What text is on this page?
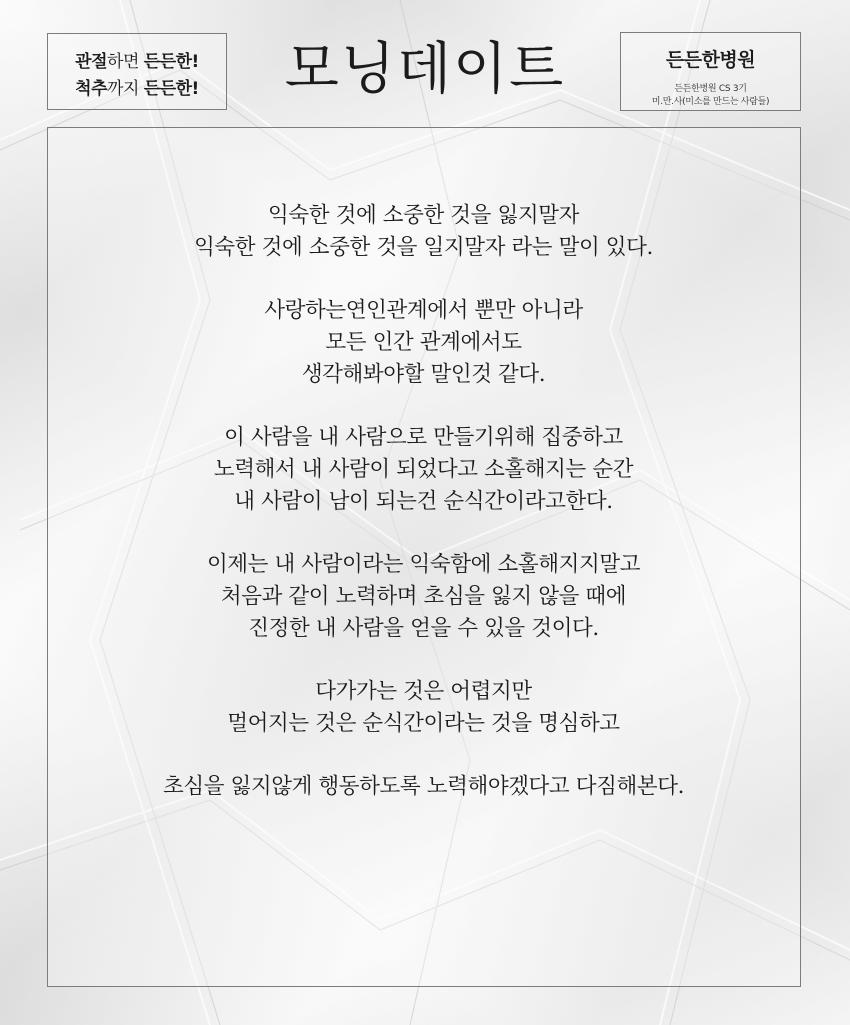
관절하면 든든한!
척추까지 든든한!	모닝데이트	든든한병원
든든한병원 CS 3기
미.만.사(미소를 만드는 사람들)
익숙한 것에 소중한 것을 잃지말자
익숙한 것에 소중한 것을 일지말자 라는 말이 있다.
사랑하는연인관계에서 뿐만 아니라
모든 인간 관계에서도
생각해봐야할 말인것 같다.
이 사람을 내 사람으로 만들기위해 집중하고
노력해서 내 사람이 되었다고 소홀해지는 순간
내 사람이 남이 되는건 순식간이라고한다.
이제는 내 사람이라는 익숙함에 소홀해지지말고
처음과 같이 노력하며 초심을 잃지 않을 때에
진정한 내 사람을 얻을 수 있을 것이다.
다가가는 것은 어렵지만
멀어지는 것은 순식간이라는 것을 명심하고
초심을 잃지않게 행동하도록 노력해야겠다고 다짐해본다.
